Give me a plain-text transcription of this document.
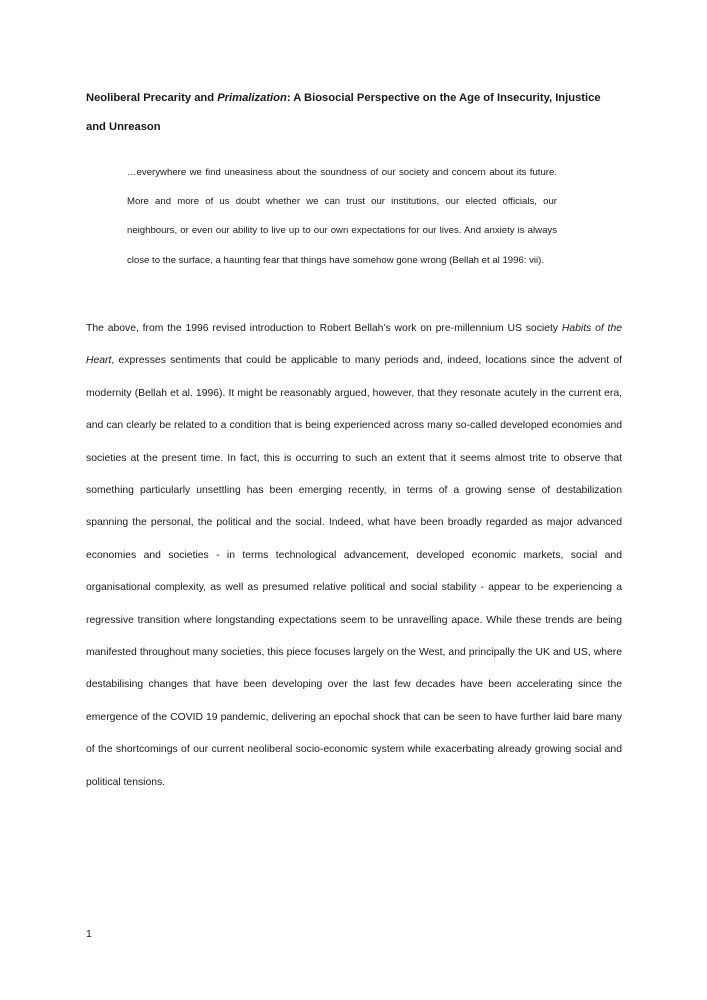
Neoliberal Precarity and Primalization: A Biosocial Perspective on the Age of Insecurity, Injustice
and Unreason

…everywhere we find uneasiness about the soundness of our society and concern about its future. More and more of us doubt whether we can trust our institutions, our elected officials, our neighbours, or even our ability to live up to our own expectations for our lives. And anxiety is always close to the surface, a haunting fear that things have somehow gone wrong (Bellah et al 1996: vii).

The above, from the 1996 revised introduction to Robert Bellah’s work on pre-millennium US society Habits of the Heart, expresses sentiments that could be applicable to many periods and, indeed, locations since the advent of modernity (Bellah et al. 1996). It might be reasonably argued, however, that they resonate acutely in the current era, and can clearly be related to a condition that is being experienced across many so-called developed economies and societies at the present time. In fact, this is occurring to such an extent that it seems almost trite to observe that something particularly unsettling has been emerging recently, in terms of a growing sense of destabilization spanning the personal, the political and the social. Indeed, what have been broadly regarded as major advanced economies and societies - in terms technological advancement, developed economic markets, social and organisational complexity, as well as presumed relative political and social stability - appear to be experiencing a regressive transition where longstanding expectations seem to be unravelling apace. While these trends are being manifested throughout many societies, this piece focuses largely on the West, and principally the UK and US, where destabilising changes that have been developing over the last few decades have been accelerating since the emergence of the COVID 19 pandemic, delivering an epochal shock that can be seen to have further laid bare many of the shortcomings of our current neoliberal socio-economic system while exacerbating already growing social and political tensions.

1
